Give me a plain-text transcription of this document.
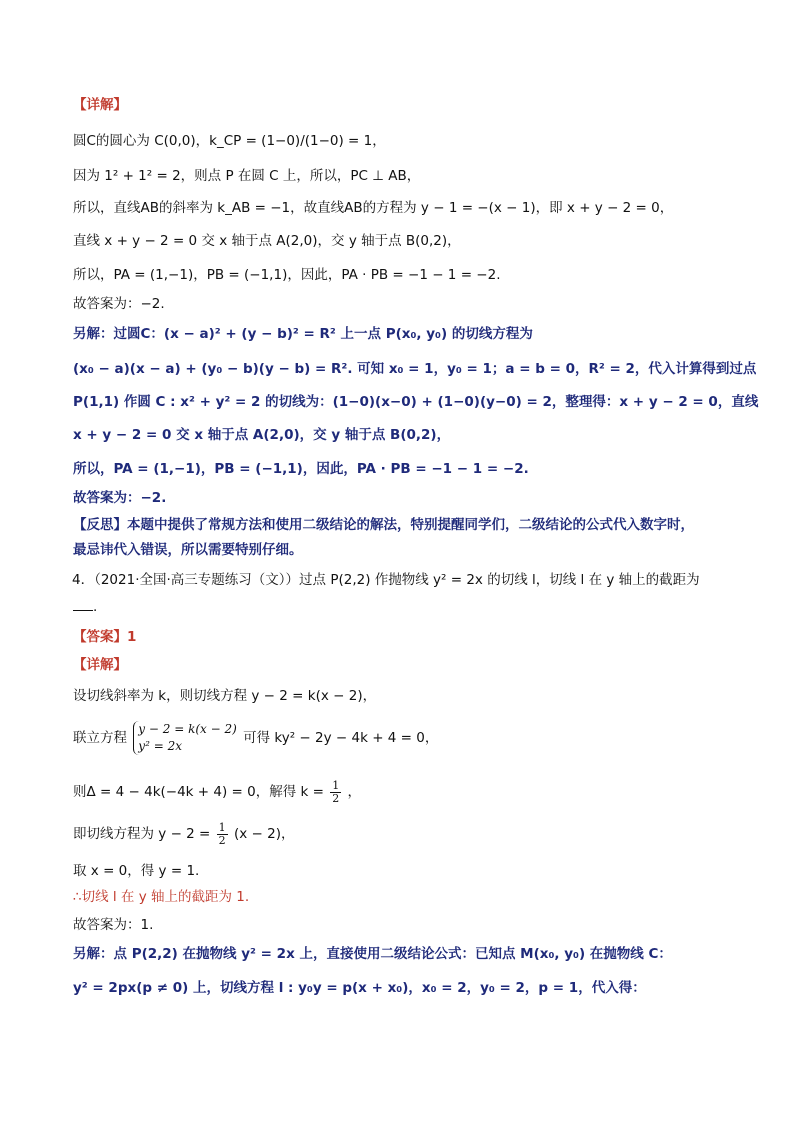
【详解】
圆C的圆心为 C(0,0)，k_CP = (1−0)/(1−0) = 1，
因为 1² + 1² = 2，则点 P 在圆 C 上，所以，PC ⊥ AB，
所以，直线AB的斜率为 k_AB = −1，故直线AB的方程为 y − 1 = −(x − 1)，即 x + y − 2 = 0，
直线 x + y − 2 = 0 交 x 轴于点 A(2,0)，交 y 轴于点 B(0,2)，
所以，PA = (1,−1)，PB = (−1,1)，因此，PA · PB = −1 − 1 = −2.
故答案为：−2.
另解：过圆C：(x − a)² + (y − b)² = R² 上一点 P(x₀, y₀) 的切线方程为
(x₀ − a)(x − a) + (y₀ − b)(y − b) = R². 可知 x₀ = 1，y₀ = 1；a = b = 0，R² = 2，代入计算得到过点
P(1,1) 作圆 C : x² + y² = 2 的切线为：(1−0)(x−0) + (1−0)(y−0) = 2，整理得：x + y − 2 = 0，直线
x + y − 2 = 0 交 x 轴于点 A(2,0)，交 y 轴于点 B(0,2)，
所以，PA = (1,−1)，PB = (−1,1)，因此，PA · PB = −1 − 1 = −2.
故答案为：−2.
【反思】本题中提供了常规方法和使用二级结论的解法，特别提醒同学们，二级结论的公式代入数字时，
最忌讳代入错误，所以需要特别仔细。
4．（2021·全国·高三专题练习（文））过点 P(2,2) 作抛物线 y² = 2x 的切线 l，切线 l 在 y 轴上的截距为
.
【答案】1
【详解】
设切线斜率为 k，则切线方程 y − 2 = k(x − 2)，
联立方程 y − 2 = k(x − 2)
y² = 2x	可得 ky² − 2y − 4k + 4 = 0，
则Δ = 4 − 4k(−4k + 4) = 0，解得 $k = \frac{1}{2}$ ，
即切线方程为 $y - 2 = \frac{1}{2} (x - 2)$，
取 x = 0，得 y = 1.
∴切线 l 在 y 轴上的截距为 1.
故答案为：1.
另解：点 P(2,2) 在抛物线 y² = 2x 上，直接使用二级结论公式：已知点 M(x₀, y₀) 在抛物线 C：
y² = 2px(p ≠ 0) 上，切线方程 l : y₀y = p(x + x₀)，x₀ = 2，y₀ = 2，p = 1，代入得：
